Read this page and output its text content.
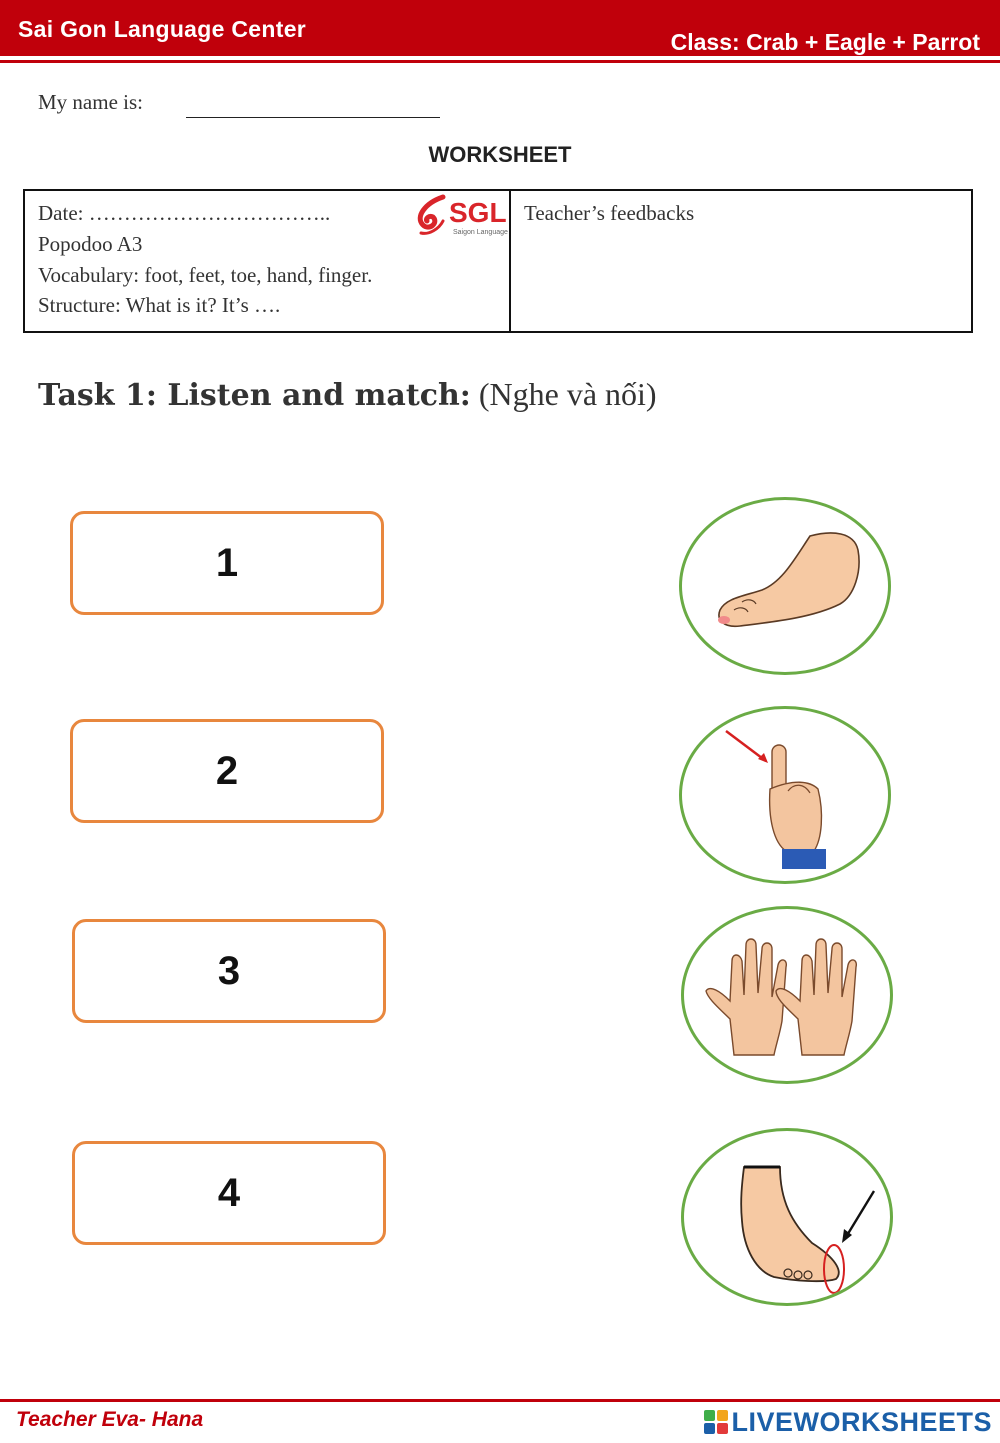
Sai Gon Language Center	Class: Crab + Eagle + Parrot
My name is:
WORKSHEET
Date: ……………………………..
Popodoo A3
Vocabulary: foot, feet, toe, hand, finger.
Structure: What is it? It’s ….
SGL
Saigon Language
Teacher’s feedbacks
Task 1: Listen and match: (Nghe và nối)
1
2
3
4
Teacher Eva- Hana	LIVEWORKSHEETS
